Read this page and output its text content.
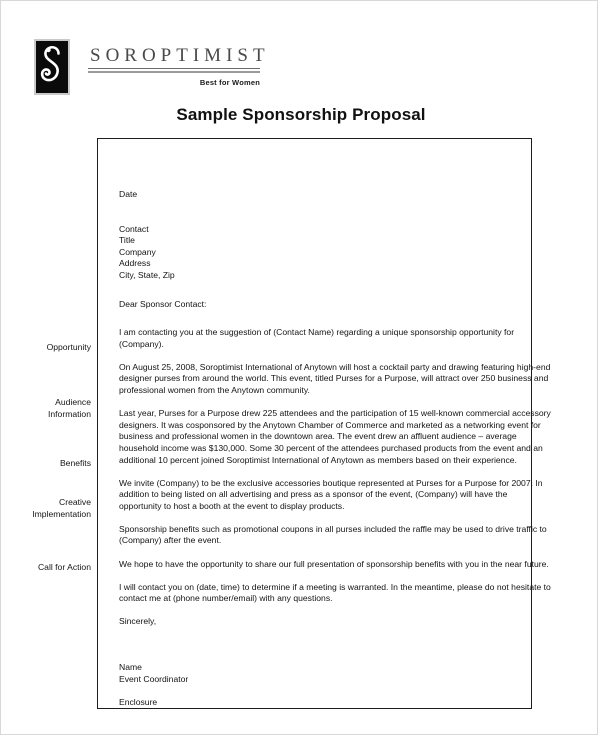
SOROPTIMIST
Best for Women
Sample Sponsorship Proposal
Opportunity
Audience
Information
Benefits
Creative
Implementation
Call for Action

Date

Contact

Title

Company

Address

City, State, Zip

Dear Sponsor Contact:

I am contacting you at the suggestion of (Contact Name) regarding a unique sponsorship opportunity for (Company).

On August 25, 2008, Soroptimist International of Anytown will host a cocktail party and drawing featuring high-end designer purses from around the world. This event, titled Purses for a Purpose, will attract over 250 business and professional women from the Anytown community.

Last year, Purses for a Purpose drew 225 attendees and the participation of 15 well-known commercial accessory designers. It was cosponsored by the Anytown Chamber of Commerce and marketed as a networking event for business and professional women in the downtown area. The event drew an affluent audience – average household income was $130,000. Some 30 percent of the attendees purchased products from the event and an additional 10 percent joined Soroptimist International of Anytown as members based on their experience.

We invite (Company) to be the exclusive accessories boutique represented at Purses for a Purpose for 2007. In addition to being listed on all advertising and press as a sponsor of the event, (Company) will have the opportunity to host a booth at the event to display products.

Sponsorship benefits such as promotional coupons in all purses included the raffle may be used to drive traffic to (Company) after the event.

We hope to have the opportunity to share our full presentation of sponsorship benefits with you in the near future.

I will contact you on (date, time) to determine if a meeting is warranted. In the meantime, please do not hesitate to contact me at (phone number/email) with any questions.

Sincerely,

Name

Event Coordinator

Enclosure
